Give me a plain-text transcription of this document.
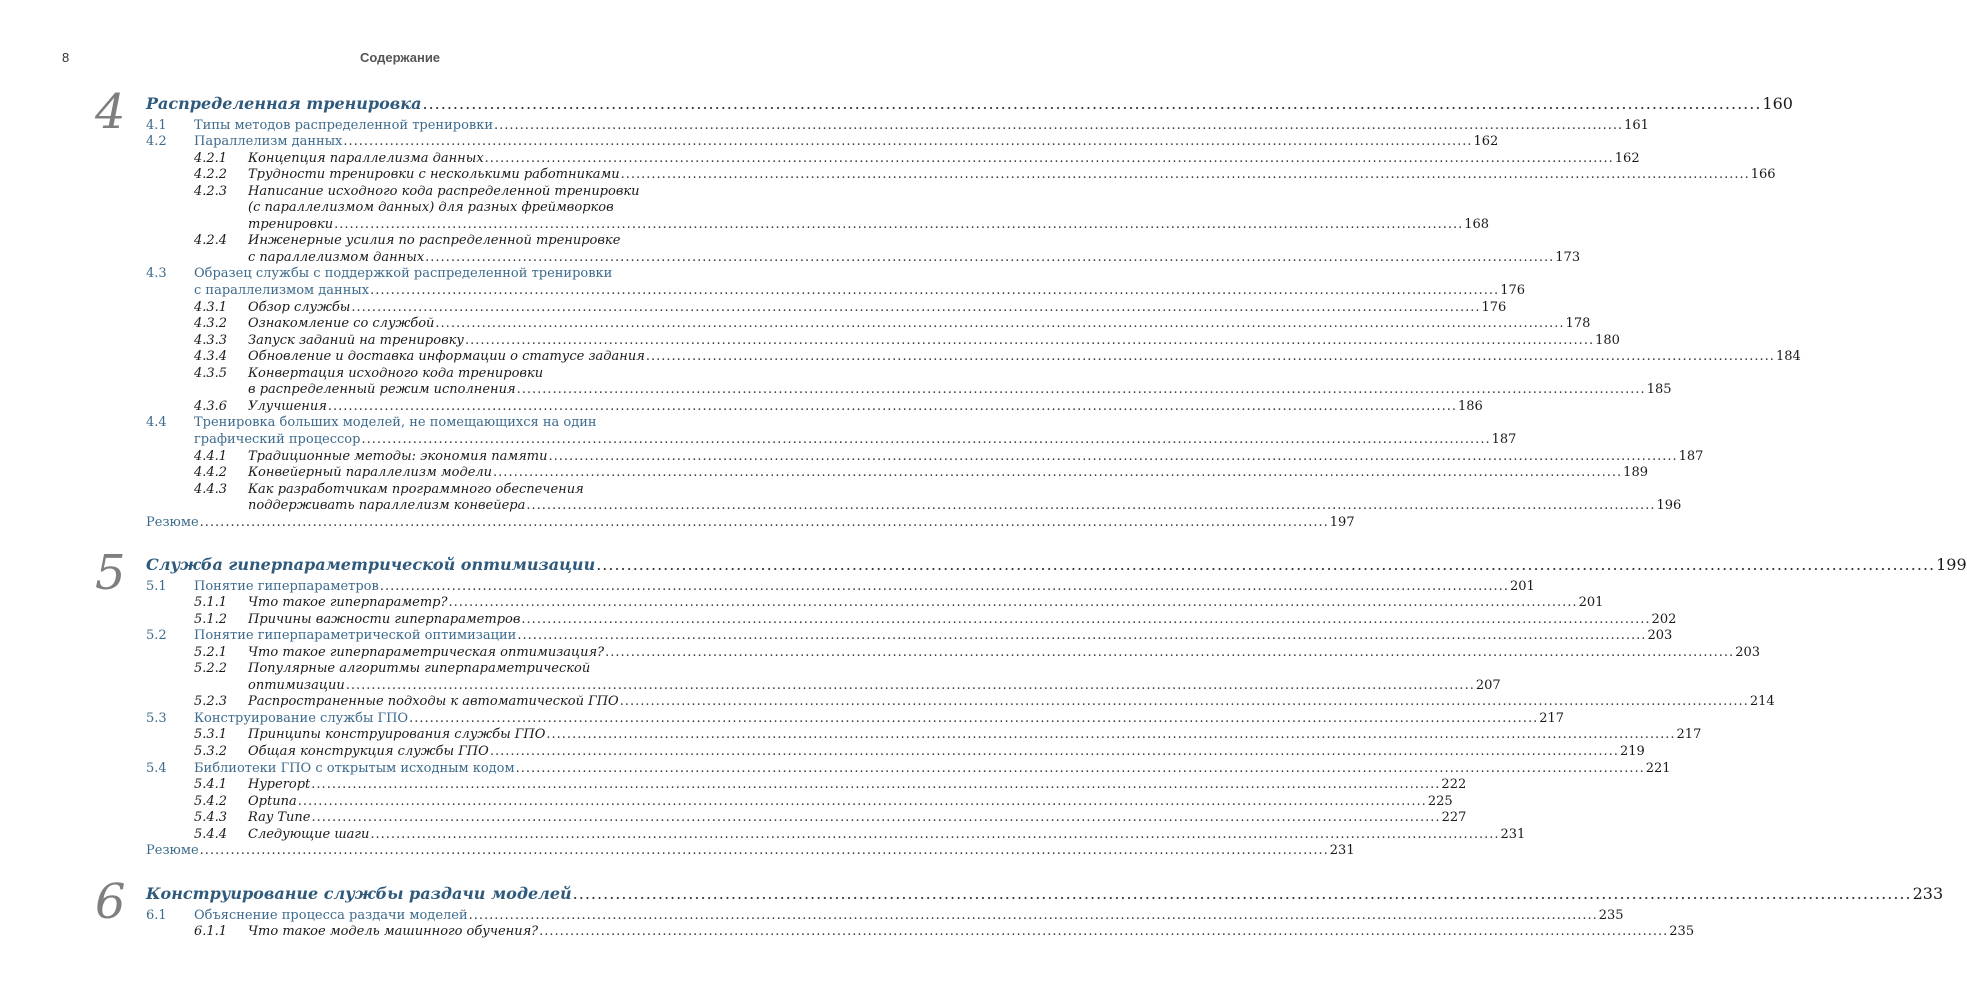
8	Содержание
4 Распределенная тренировка ............................................................................................................................................................................................................................ 160
4.1 Типы методов распределенной тренировки ............................................................................................................................................................................................................................ 161
4.2 Параллелизм данных ............................................................................................................................................................................................................................ 162
4.2.1 Концепция параллелизма данных ............................................................................................................................................................................................................................ 162
4.2.2 Трудности тренировки с несколькими работниками ............................................................................................................................................................................................................................ 166
4.2.3 Написание исходного кода распределенной тренировки
(с параллелизмом данных) для разных фреймворков
тренировки ............................................................................................................................................................................................................................ 168
4.2.4 Инженерные усилия по распределенной тренировке
с параллелизмом данных ............................................................................................................................................................................................................................ 173
4.3 Образец службы с поддержкой распределенной тренировки
с параллелизмом данных ............................................................................................................................................................................................................................ 176
4.3.1 Обзор службы ............................................................................................................................................................................................................................ 176
4.3.2 Ознакомление со службой ............................................................................................................................................................................................................................ 178
4.3.3 Запуск заданий на тренировку ............................................................................................................................................................................................................................ 180
4.3.4 Обновление и доставка информации о статусе задания ............................................................................................................................................................................................................................ 184
4.3.5 Конвертация исходного кода тренировки
в распределенный режим исполнения ............................................................................................................................................................................................................................ 185
4.3.6 Улучшения ............................................................................................................................................................................................................................ 186
4.4 Тренировка больших моделей, не помещающихся на один
графический процессор ............................................................................................................................................................................................................................ 187
4.4.1 Традиционные методы: экономия памяти ............................................................................................................................................................................................................................ 187
4.4.2 Конвейерный параллелизм модели ............................................................................................................................................................................................................................ 189
4.4.3 Как разработчикам программного обеспечения
поддерживать параллелизм конвейера ............................................................................................................................................................................................................................ 196
Резюме ............................................................................................................................................................................................................................ 197
5 Служба гиперпараметрической оптимизации ............................................................................................................................................................................................................................ 199
5.1 Понятие гиперпараметров ............................................................................................................................................................................................................................ 201
5.1.1 Что такое гиперпараметр? ............................................................................................................................................................................................................................ 201
5.1.2 Причины важности гиперпараметров ............................................................................................................................................................................................................................ 202
5.2 Понятие гиперпараметрической оптимизации ............................................................................................................................................................................................................................ 203
5.2.1 Что такое гиперпараметрическая оптимизация? ............................................................................................................................................................................................................................ 203
5.2.2 Популярные алгоритмы гиперпараметрической
оптимизации ............................................................................................................................................................................................................................ 207
5.2.3 Распространенные подходы к автоматической ГПО ............................................................................................................................................................................................................................ 214
5.3 Конструирование службы ГПО ............................................................................................................................................................................................................................ 217
5.3.1 Принципы конструирования службы ГПО ............................................................................................................................................................................................................................ 217
5.3.2 Общая конструкция службы ГПО ............................................................................................................................................................................................................................ 219
5.4 Библиотеки ГПО с открытым исходным кодом ............................................................................................................................................................................................................................ 221
5.4.1 Hyperopt ............................................................................................................................................................................................................................ 222
5.4.2 Optuna ............................................................................................................................................................................................................................ 225
5.4.3 Ray Tune ............................................................................................................................................................................................................................ 227
5.4.4 Следующие шаги ............................................................................................................................................................................................................................ 231
Резюме ............................................................................................................................................................................................................................ 231
6 Конструирование службы раздачи моделей ............................................................................................................................................................................................................................ 233
6.1 Объяснение процесса раздачи моделей ............................................................................................................................................................................................................................ 235
6.1.1 Что такое модель машинного обучения? ............................................................................................................................................................................................................................ 235
